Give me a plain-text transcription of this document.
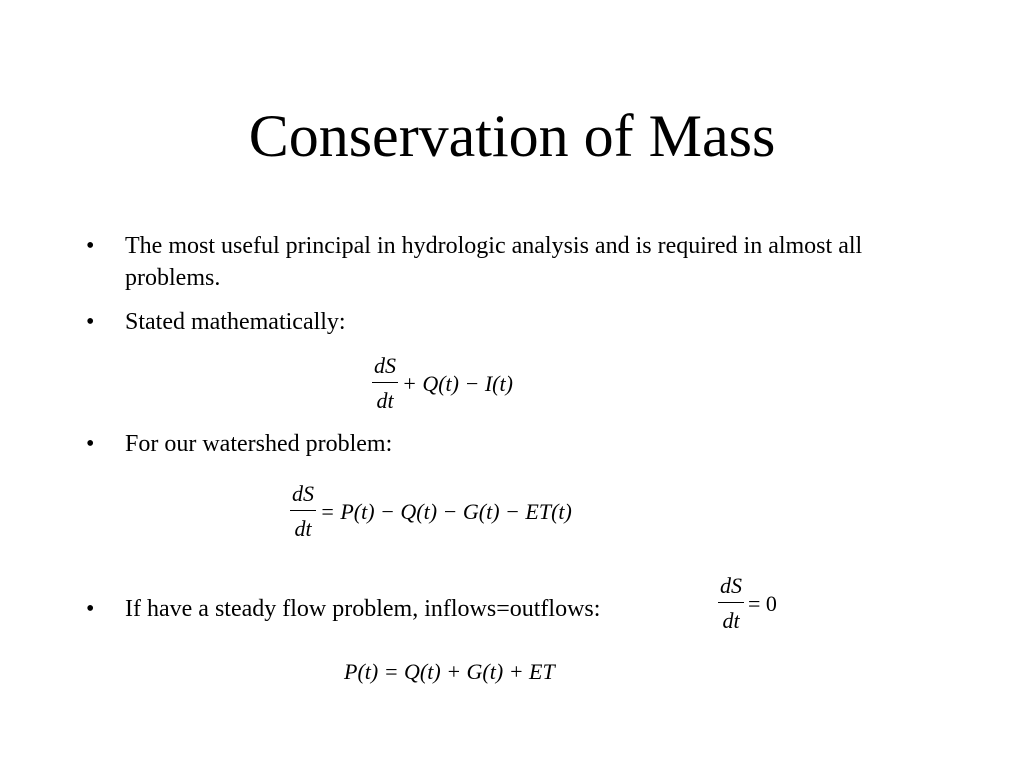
Conservation of Mass
•	The most useful principal in hydrologic analysis and is required in almost all problems.
•	Stated mathematically:
$\frac{dS}{dt} + Q(t) - I(t)$
•	For our watershed problem:
$\frac{dS}{dt} = P(t) - Q(t) - G(t) - ET(t)$
•	If have a steady flow problem, inflows=outflows:	$\frac{dS}{dt} = 0$
P(t) = Q(t) + G(t) + ET
